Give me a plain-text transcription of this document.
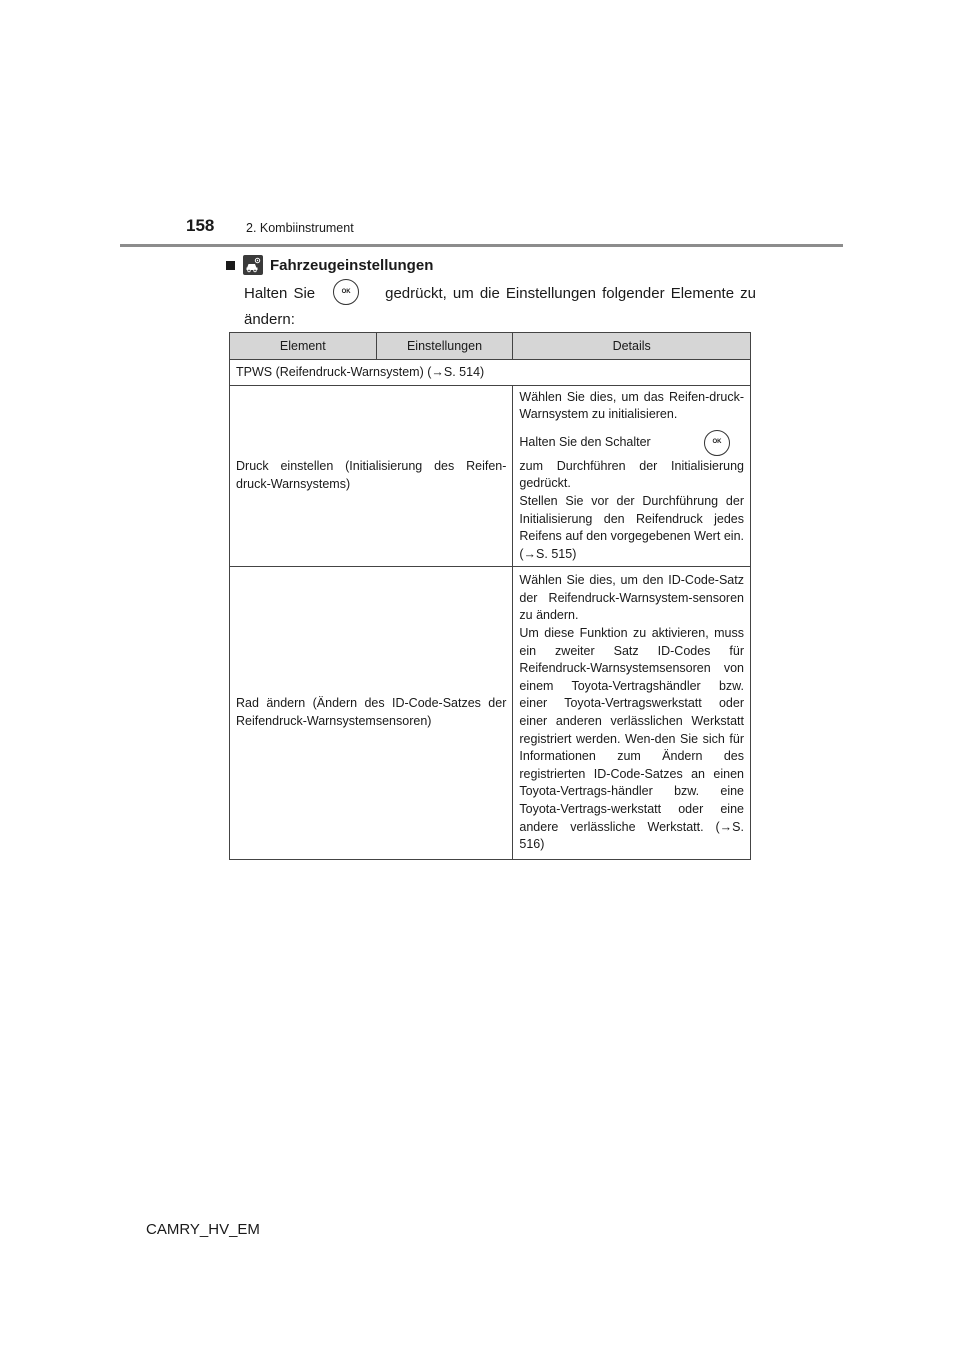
158	2. Kombiinstrument
Fahrzeugeinstellungen
Halten Sie	OK gedrückt, um die Einstellungen folgender Elemente zu ändern:
Element	Einstellungen	Details
TPWS (Reifendruck-Warnsystem) (→S. 514)		
Druck einstellen (Initialisierung des Reifen-druck-Warnsystems)		Wählen Sie dies, um das Reifen-druck-Warnsystem zu initialisieren.

Halten Sie den Schalter OK

zum Durchführen der Initialisierung gedrückt.

Stellen Sie vor der Durchführung der Initialisierung den Reifendruck jedes Reifens auf den vorgegebenen Wert ein. (→S. 515)

Rad ändern (Ändern des ID-Code-Satzes der Reifendruck-Warnsystemsensoren)		Wählen Sie dies, um den ID-Code-Satz der Reifendruck-Warnsystem-sensoren zu ändern.

Um diese Funktion zu aktivieren, muss ein zweiter Satz ID-Codes für Reifendruck-Warnsystemsensoren von einem Toyota-Vertragshändler bzw. einer Toyota-Vertragswerkstatt oder einer anderen verlässlichen Werkstatt registriert werden. Wen-den Sie sich für Informationen zum Ändern des registrierten ID-Code-Satzes an einen Toyota-Vertrags-händler bzw. eine Toyota-Vertrags-werkstatt oder eine andere verlässliche Werkstatt. (→S. 516)

CAMRY_HV_EM
